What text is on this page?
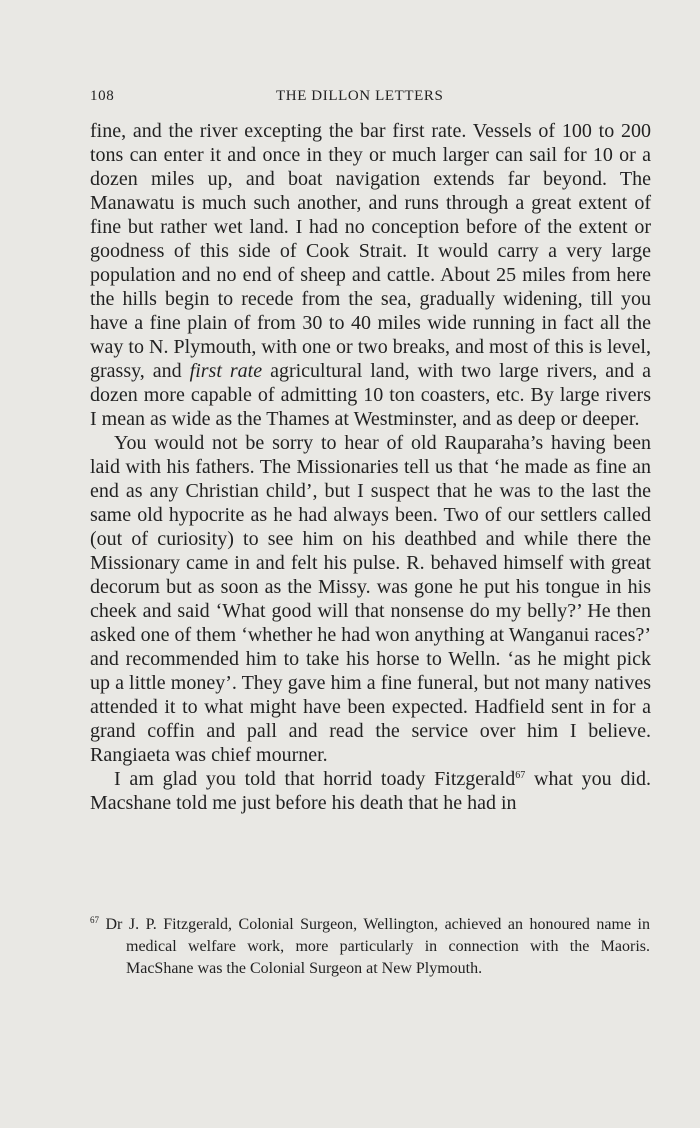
108	THE DILLON LETTERS

fine, and the river excepting the bar first rate. Vessels of 100 to 200 tons can enter it and once in they or much larger can sail for 10 or a dozen miles up, and boat navigation extends far beyond. The Manawatu is much such another, and runs through a great extent of fine but rather wet land. I had no conception before of the extent or goodness of this side of Cook Strait. It would carry a very large population and no end of sheep and cattle. About 25 miles from here the hills begin to recede from the sea, gradually widening, till you have a fine plain of from 30 to 40 miles wide running in fact all the way to N. Plymouth, with one or two breaks, and most of this is level, grassy, and first rate agricultural land, with two large rivers, and a dozen more capable of admitting 10 ton coasters, etc. By large rivers I mean as wide as the Thames at Westminster, and as deep or deeper.

You would not be sorry to hear of old Rauparaha’s having been laid with his fathers. The Missionaries tell us that ‘he made as fine an end as any Christian child’, but I suspect that he was to the last the same old hypocrite as he had always been. Two of our settlers called (out of curiosity) to see him on his deathbed and while there the Missionary came in and felt his pulse. R. behaved himself with great decorum but as soon as the Missy. was gone he put his tongue in his cheek and said ‘What good will that nonsense do my belly?’ He then asked one of them ‘whether he had won anything at Wanganui races?’ and recommended him to take his horse to Welln. ‘as he might pick up a little money’. They gave him a fine funeral, but not many natives attended it to what might have been expected. Hadfield sent in for a grand coffin and pall and read the service over him I believe. Rangiaeta was chief mourner.

I am glad you told that horrid toady Fitzgerald$^{67}$ what you did. Macshane told me just before his death that he had in

$^{67}$ Dr J. P. Fitzgerald, Colonial Surgeon, Wellington, achieved an honoured name in medical welfare work, more particularly in connection with the Maoris. MacShane was the Colonial Surgeon at New Plymouth.
